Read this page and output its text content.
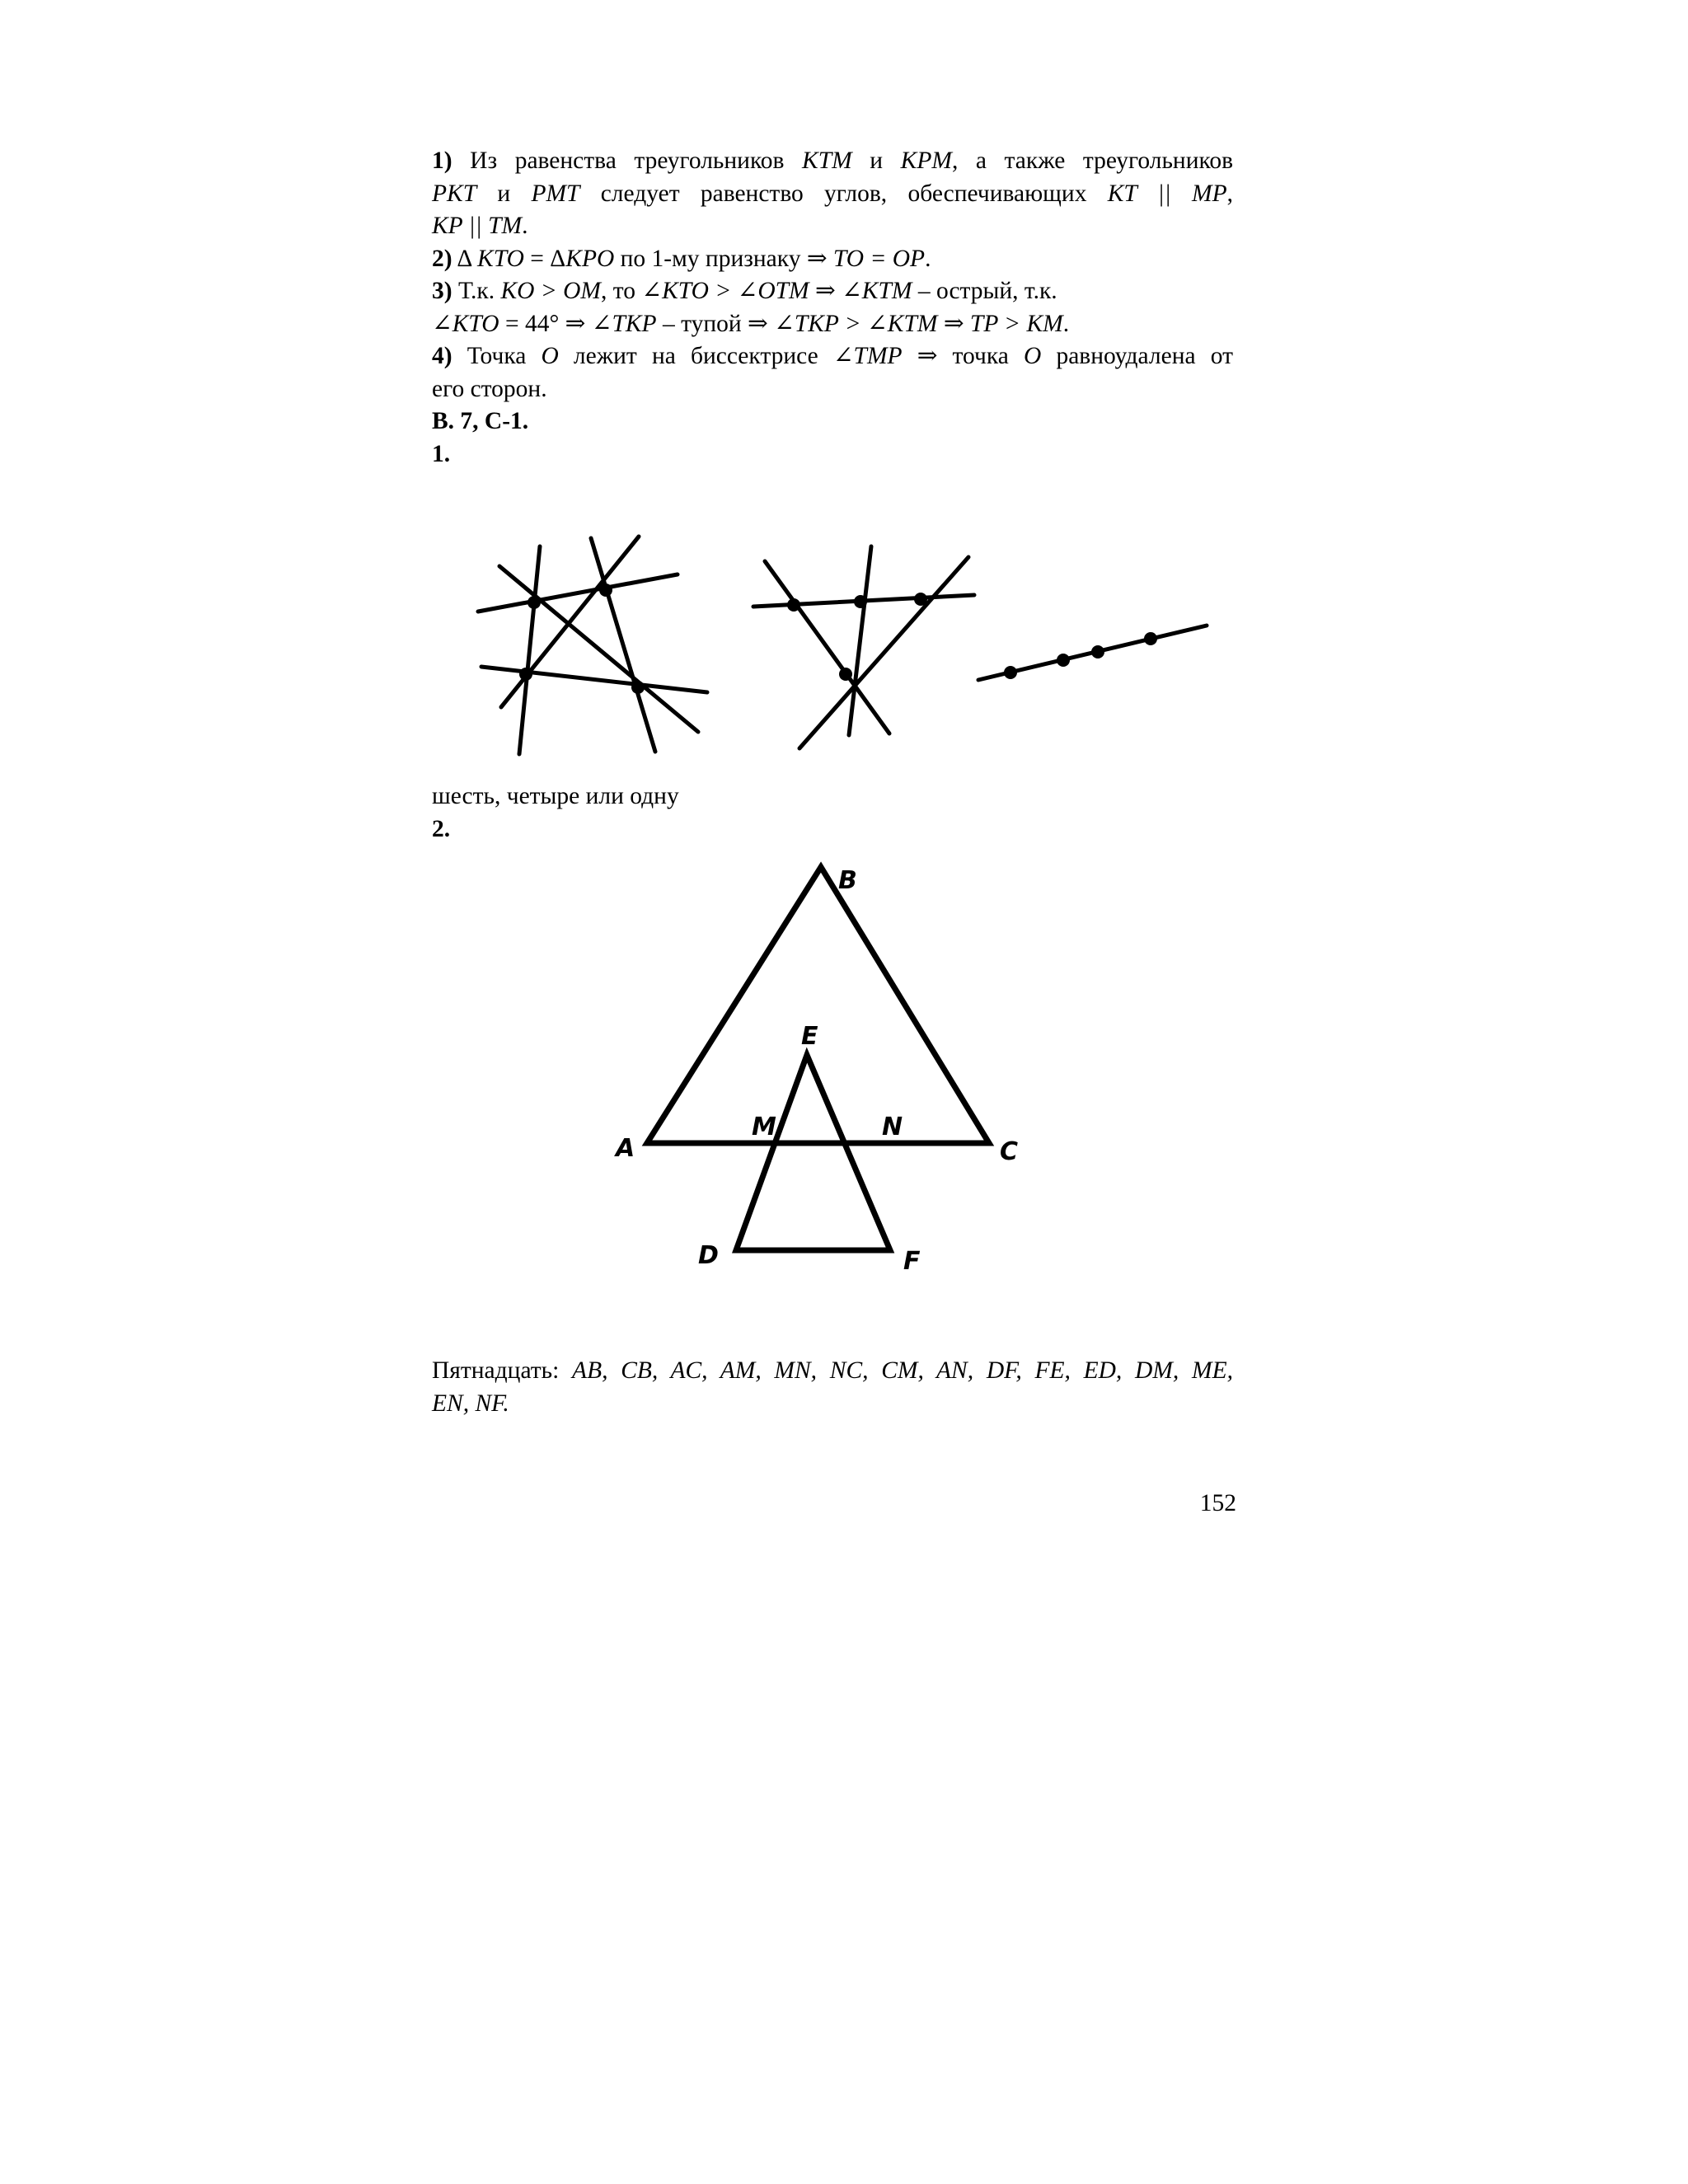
1) Из равенства треугольников KTM и KPM, а также треугольников
PKT и PMT следует равенство углов, обеспечивающих KT || MP,
KP || TM.
2) Δ KTO = ΔKPO по 1-му признаку ⇒ TO = OP.
3) Т.к. KO > OM, то ∠KTO > ∠OTM ⇒ ∠KTM – острый, т.к.
∠KTO = 44° ⇒ ∠TKP – тупой ⇒ ∠TKP > ∠KTM ⇒ TP > KM.
4) Точка O лежит на биссектрисе ∠TMP ⇒ точка O равноудалена от
его сторон.
В. 7, С-1.
1.
шесть, четыре или одну
2.
B
E
A
M	N
C
D	F
Пятнадцать: AB, CB, AC, AM, MN, NC, CM, AN, DF, FE, ED, DM, ME,
EN, NF.
152
